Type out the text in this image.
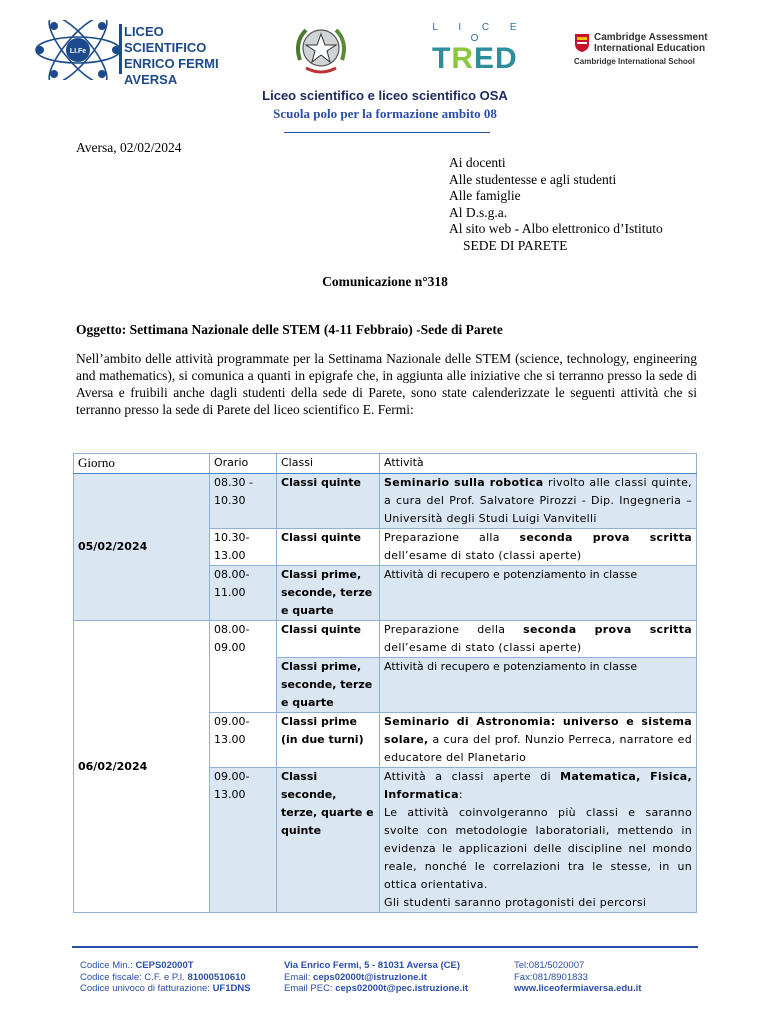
LI.Fe
LICEO SCIENTIFICO
ENRICO FERMI
AVERSA
L I C E O
TRED
Cambridge Assessment
International Education
Cambridge International School
Liceo scientifico e liceo scientifico OSA
Scuola polo per la formazione ambito 08
Aversa, 02/02/2024
Ai docenti
Alle studentesse e agli studenti
Alle famiglie
Al D.s.g.a.
Al sito web - Albo elettronico d’Istituto
SEDE DI PARETE
Comunicazione n°318
Oggetto: Settimana Nazionale delle STEM (4-11 Febbraio) -Sede di Parete
Nell’ambito delle attività programmate per la Settinama Nazionale delle STEM (science, technology, engineering and mathematics), si comunica a quanti in epigrafe che, in aggiunta alle iniziative che si terranno presso la sede di Aversa e fruibili anche dagli studenti della sede di Parete, sono state calenderizzate le seguenti attività che si terranno presso la sede di Parete del liceo scientifico E. Fermi:
Giorno	Orario	Classi	Attività
05/02/2024	08.30 - 10.30	Classi quinte	Seminario sulla robotica rivolto alle classi quinte, a cura del Prof. Salvatore Pirozzi - Dip. Ingegneria – Università degli Studi Luigi Vanvitelli
	10.30-13.00	Classi quinte	Preparazione alla seconda prova scritta dell’esame di stato (classi aperte)
	08.00-11.00	Classi prime, seconde, terze e quarte	Attività di recupero e potenziamento in classe
06/02/2024	08.00-09.00	Classi quinte	Preparazione della seconda prova scritta dell’esame di stato (classi aperte)
		Classi prime, seconde, terze e quarte	Attività di recupero e potenziamento in classe
	09.00-13.00	Classi prime (in due turni)	Seminario di Astronomia: universo e sistema solare, a cura del prof. Nunzio Perreca, narratore ed educatore del Planetario
	09.00-13.00	Classi seconde, terze, quarte e quinte	Attività a classi aperte di Matematica, Fisica, Informatica:
Le attività coinvolgeranno più classi e saranno svolte con metodologie laboratoriali, mettendo in evidenza le applicazioni delle discipline nel mondo reale, nonché le correlazioni tra le stesse, in un ottica orientativa.
Gli studenti saranno protagonisti dei percorsi
Codice Min.: CEPS02000T
Codice fiscale: C.F. e P.I. 81000510610
Codice univoco di fatturazione: UF1DNS
Via Enrico Fermi, 5 - 81031 Aversa (CE)
Email: ceps02000t@istruzione.it
Email PEC: ceps02000t@pec.istruzione.it
Tel:081/5020007
Fax:081/8901833
www.liceofermiaversa.edu.it
